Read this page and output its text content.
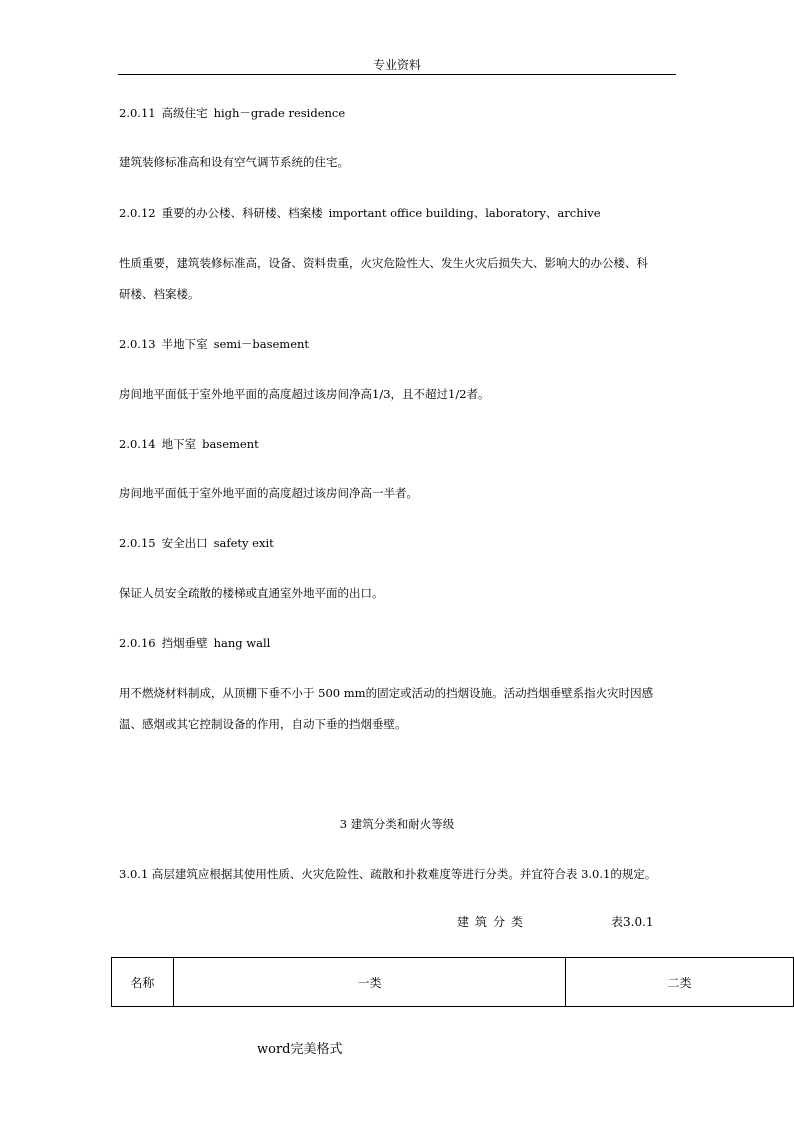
专业资料
2.0.11 高级住宅 high－grade residence
建筑装修标准高和设有空气调节系统的住宅。
2.0.12 重要的办公楼、科研楼、档案楼 important office building、laboratory、archive
性质重要，建筑装修标准高，设备、资料贵重，火灾危险性大、发生火灾后损失大、影响大的办公楼、科
研楼、档案楼。
2.0.13 半地下室 semi－basement
房间地平面低于室外地平面的高度超过该房间净高1/3，且不超过1/2者。
2.0.14 地下室 basement
房间地平面低于室外地平面的高度超过该房间净高一半者。
2.0.15 安全出口 safety exit
保证人员安全疏散的楼梯或直通室外地平面的出口。
2.0.16 挡烟垂壁 hang wall
用不燃烧材料制成，从顶棚下垂不小于 500 mm的固定或活动的挡烟设施。活动挡烟垂壁系指火灾时因感
温、感烟或其它控制设备的作用，自动下垂的挡烟垂壁。
3 建筑分类和耐火等级
3.0.1 高层建筑应根据其使用性质、火灾危险性、疏散和扑救难度等进行分类。并宜符合表 3.0.1的规定。
建筑分类	表3.0.1
名称	一类	二类
word完美格式
